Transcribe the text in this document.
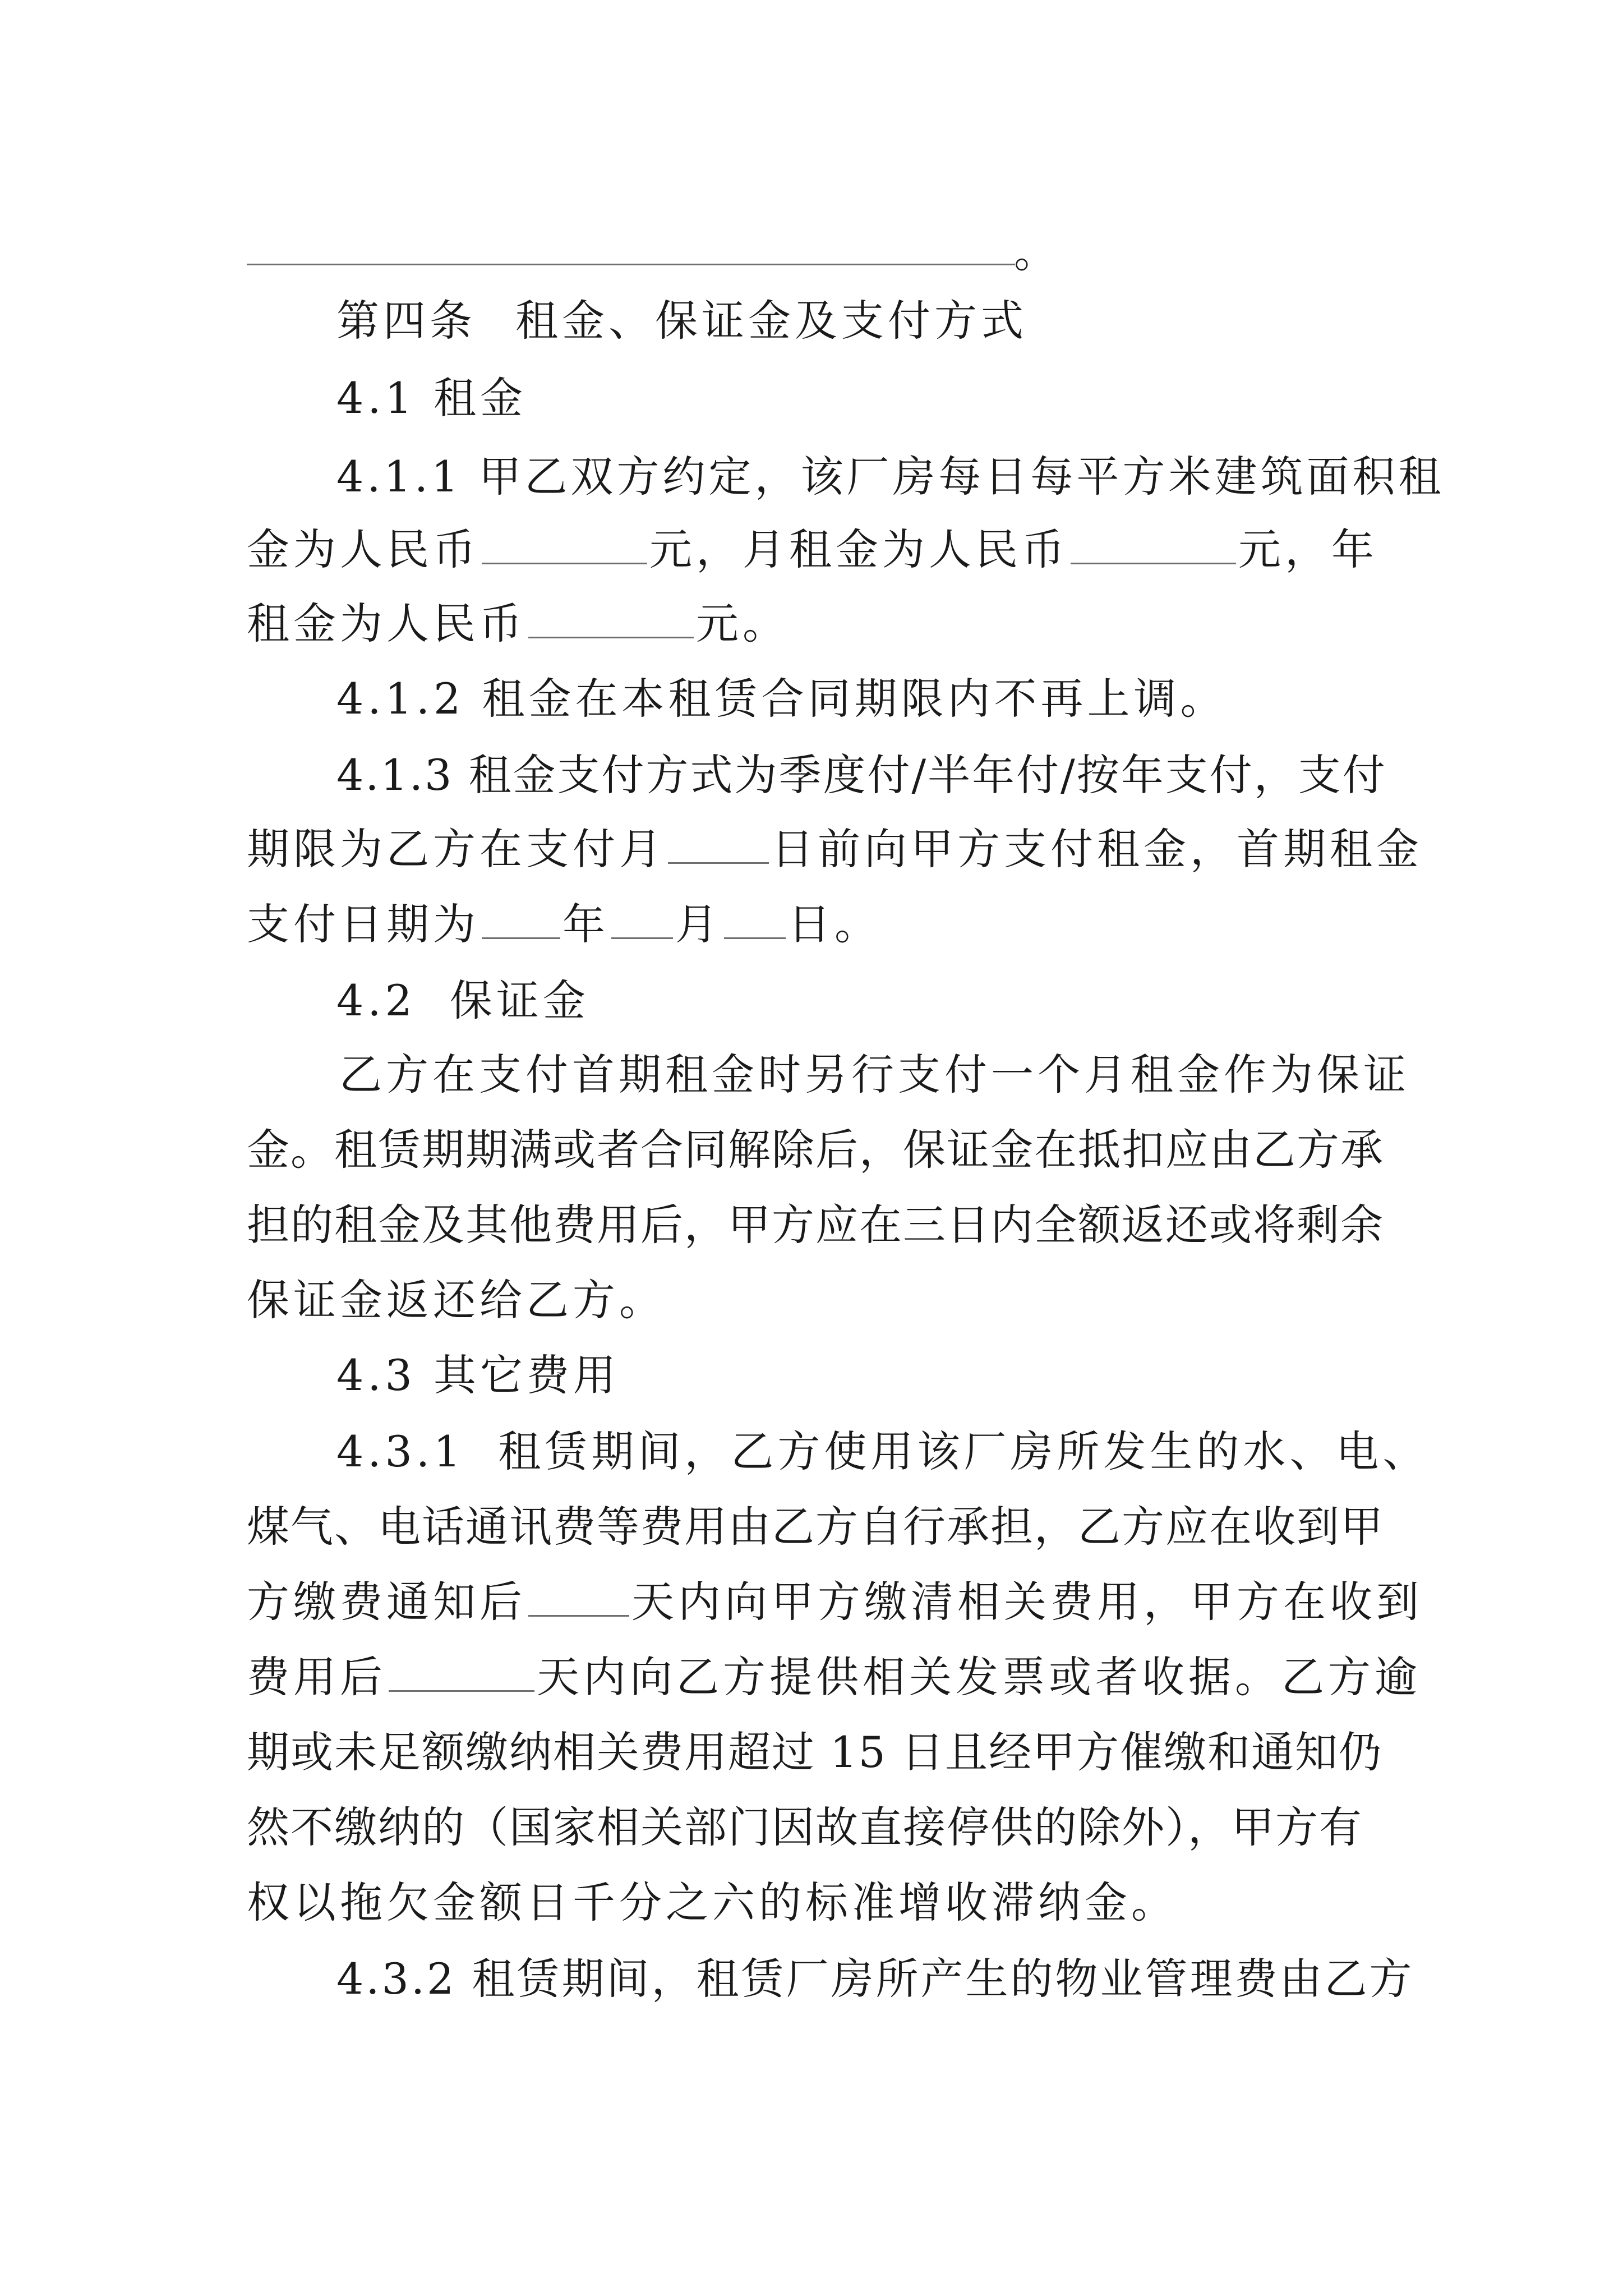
。
第四条 租金、保证金及支付方式
4.1 租金
4.1.1 甲乙双方约定，该厂房每日每平方米建筑面积租
金为人民币	元，月租金为人民币	元，年
租金为人民币	元。
4.1.2 租金在本租赁合同期限内不再上调。
4.1.3 租金支付方式为季度付/半年付/按年支付，支付
期限为乙方在支付月 日前向甲方支付租金，首期租金
支付日期为 年 月 日。
4.2 保证金
乙方在支付首期租金时另行支付一个月租金作为保证
金。租赁期期满或者合同解除后，保证金在抵扣应由乙方承
担的租金及其他费用后，甲方应在三日内全额返还或将剩余
保证金返还给乙方。
4.3 其它费用
4.3.1 租赁期间，乙方使用该厂房所发生的水、电、
煤气、电话通讯费等费用由乙方自行承担，乙方应在收到甲
方缴费通知后 天内向甲方缴清相关费用，甲方在收到
费用后	天内向乙方提供相关发票或者收据。乙方逾
期或未足额缴纳相关费用超过 15 日且经甲方催缴和通知仍
然不缴纳的（国家相关部门因故直接停供的除外），甲方有
权以拖欠金额日千分之六的标准增收滞纳金。
4.3.2 租赁期间，租赁厂房所产生的物业管理费由乙方
